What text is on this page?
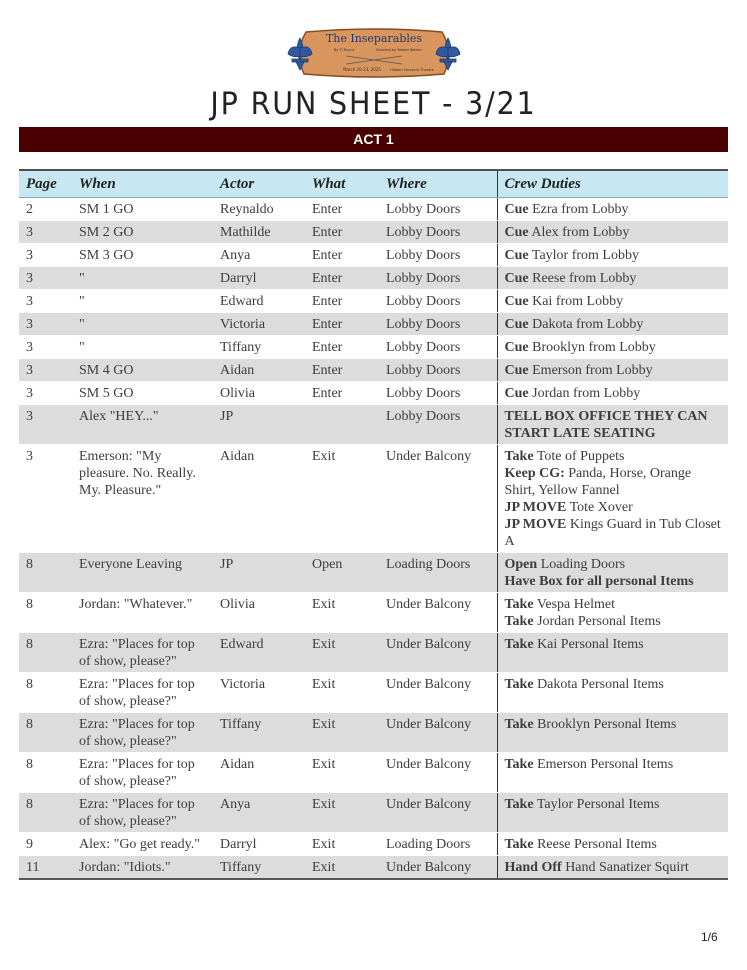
The Inseparables
By TJ Rusca	Directed by Robert Wexler
March 20-23, 2025	Hidden Vineyard Theatre
JP RUN SHEET - 3/21
ACT 1
Page	When	Actor	What	Where	Crew Duties
2	SM 1 GO	Reynaldo	Enter	Lobby Doors	Cue Ezra from Lobby

3	SM 2 GO	Mathilde	Enter	Lobby Doors	Cue Alex from Lobby

3	SM 3 GO	Anya	Enter	Lobby Doors	Cue Taylor from Lobby

3	"	Darryl	Enter	Lobby Doors	Cue Reese from Lobby

3	"	Edward	Enter	Lobby Doors	Cue Kai from Lobby

3	"	Victoria	Enter	Lobby Doors	Cue Dakota from Lobby

3	"	Tiffany	Enter	Lobby Doors	Cue Brooklyn from Lobby

3	SM 4 GO	Aidan	Enter	Lobby Doors	Cue Emerson from Lobby

3	SM 5 GO	Olivia	Enter	Lobby Doors	Cue Jordan from Lobby

3	Alex "HEY..."	JP		Lobby Doors	TELL BOX OFFICE THEY CAN START LATE SEATING

3	Emerson: "My pleasure. No. Really. My. Pleasure."	Aidan	Exit	Under Balcony	Take Tote of Puppets
Keep CG: Panda, Horse, Orange Shirt, Yellow Fannel
JP MOVE Tote Xover
JP MOVE Kings Guard in Tub Closet A

8	Everyone Leaving	JP	Open	Loading Doors	Open Loading Doors
Have Box for all personal Items

8	Jordan: "Whatever."	Olivia	Exit	Under Balcony	Take Vespa Helmet
Take Jordan Personal Items

8	Ezra: "Places for top of show, please?"	Edward	Exit	Under Balcony	Take Kai Personal Items

8	Ezra: "Places for top of show, please?"	Victoria	Exit	Under Balcony	Take Dakota Personal Items

8	Ezra: "Places for top of show, please?"	Tiffany	Exit	Under Balcony	Take Brooklyn Personal Items

8	Ezra: "Places for top of show, please?"	Aidan	Exit	Under Balcony	Take Emerson Personal Items

8	Ezra: "Places for top of show, please?"	Anya	Exit	Under Balcony	Take Taylor Personal Items

9	Alex: "Go get ready."	Darryl	Exit	Loading Doors	Take Reese Personal Items

11	Jordan: "Idiots."	Tiffany	Exit	Under Balcony	Hand Off Hand Sanatizer Squirt
1/6
